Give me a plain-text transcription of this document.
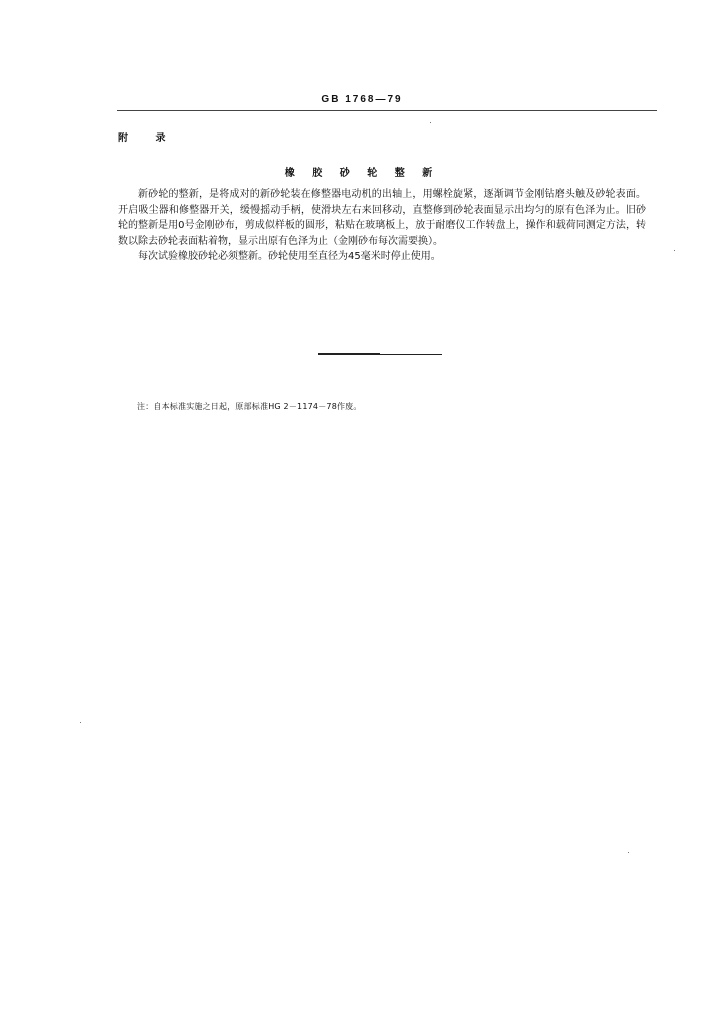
GB 1768—79
附 录
橡 胶 砂 轮 整 新

新砂轮的整新，是将成对的新砂轮装在修整器电动机的出轴上，用螺栓旋紧，逐渐调节金刚钻磨头触及砂轮表面。开启吸尘器和修整器开关，缓慢摇动手柄，使滑块左右来回移动，直整修到砂轮表面显示出均匀的原有色泽为止。旧砂轮的整新是用0号金刚砂布，剪成似样板的圆形，粘贴在玻璃板上，放于耐磨仪工作转盘上，操作和载荷同测定方法，转数以除去砂轮表面粘着物，显示出原有色泽为止（金刚砂布每次需要换）。

每次试验橡胶砂轮必须整新。砂轮使用至直径为45毫米时停止使用。

注：自本标准实施之日起，原部标准HG 2－1174－78作废。
